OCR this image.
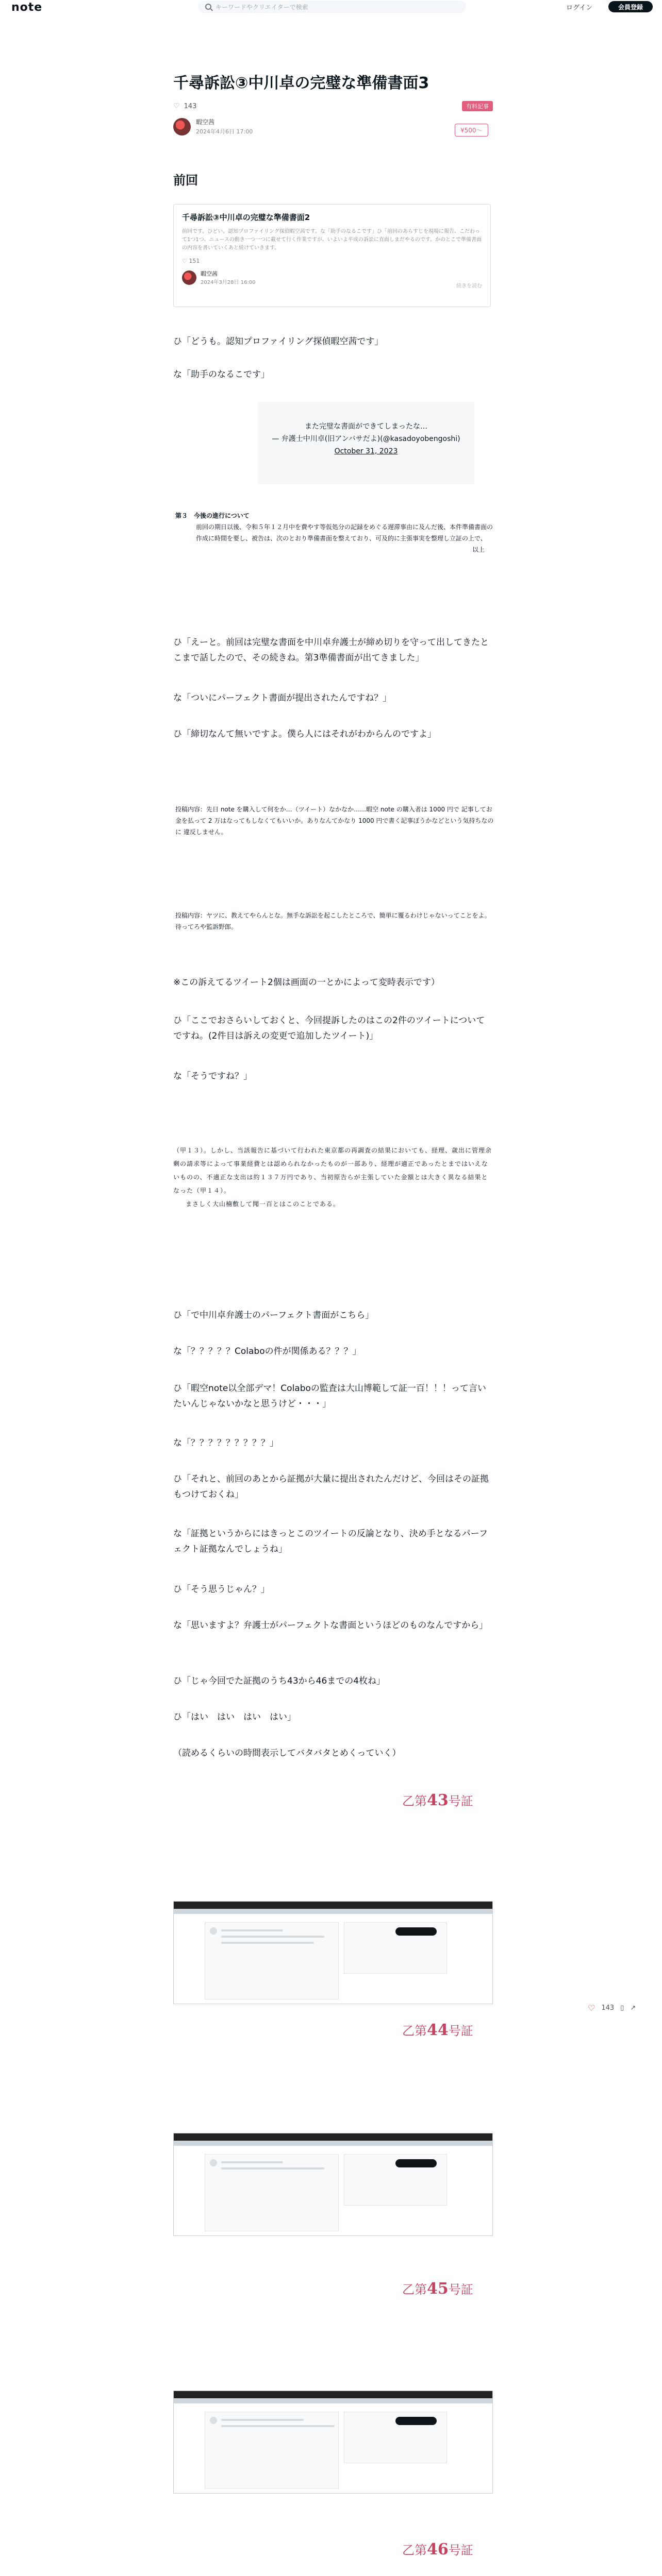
note	キーワードやクリエイターで検索	ログイン	会員登録
千尋訴訟③中川卓の完璧な準備書面3
♡ 143
暇空茜
2024年4月6日 17:00
有料記事
¥500～
前回
千尋訴訟③中川卓の完璧な準備書面2
前回です。ひどい。認知プロファイリング探偵暇空茜です。な「助手のなるこです」ひ「前回のあらすじを現場に報告、こだわって1つ1つ、ニュースの動き一つ一つに載せて行く作業ですが、いよいよ平成の訴訟に直面しまだやるのです。かのとこで準備書面の内容を書いていくあと続けていきます。
♡ 151
暇空茜
2024年3月28日 16:00
続きを読む
ひ「どうも。認知プロファイリング探偵暇空茜です」
な「助手のなるこです」
また完璧な書面ができてしまったな…
— 弁護士中川卓(旧アンバサだよ)(@kasadoyobengoshi)
October 31, 2023
第３　今後の進行について
前回の期日以後、令和５年１２月中を費やす等仮処分の記録をめぐる遅滞事由に及んだ後、本件準備書面の作成に時間を要し、被告は、次のとおり準備書面を整えており、可及的に主張事実を整理し立証の上で、
以上
ひ「えーと。前回は完璧な書面を中川卓弁護士が締め切りを守って出してきたとこまで話したので、その続きね。第3準備書面が出てきました」
な「ついにパーフェクト書面が提出されたんですね？」
ひ「締切なんて無いですよ。僕ら人にはそれがわからんのですよ」
投稿内容：先日 note を購入して何をか…（ツイート）なかなか……暇空 note の購入者は 1000 円で 記事してお金を払って 2 万はなってもしなくてもいいか。ありなんてかなり 1000 円で書く記事ぽうかなどという気持ちなのに 違反しません。
投稿内容：ヤツに、教えてやらんとな。無手な訴訟を起こしたところで、簡単に覆るわけじゃないってことをよ。待ってろや監訴野郎。
※この訴えてるツイート2個は画面の一とかによって変時表示です）
ひ「ここでおさらいしておくと、今回提訴したのはこの2件のツイートについてですね。(2件目は訴えの変更で追加したツイート)」
な「そうですね？」
（甲１３）。しかし、当該報告に基づいて行われた東京都の再調査の結果においても、経理、歳出に管理余剰の請求等によって事業経費とは認められなかったものが一部あり、経理が適正であったとまではいえないものの、不適正な支出は約１３７万円であり、当初原告らが主張していた金額とは大きく異なる結果となった（甲１４）。
まさしく大山楠敷して聞一百とはこのことである。
ひ「で中川卓弁護士のパーフェクト書面がこちら」
な「？？？？？Colaboの件が関係ある？？？」
ひ「暇空note以全部デマ！Colaboの監査は大山博範して証一百！！！って言いたいんじゃないかなと思うけど・・・」
な「？？？？？？？？？」
ひ「それと、前回のあとから証拠が大量に提出されたんだけど、今回はその証拠もつけておくね」
な「証拠というからにはきっとこのツイートの反論となり、決め手となるパーフェクト証拠なんでしょうね」
ひ「そう思うじゃん？」
な「思いますよ？弁護士がパーフェクトな書面というほどのものなんですから」
ひ「じゃ今回でた証拠のうち43から46までの4枚ね」
ひ「はい　はい　はい　はい」
（読めるくらいの時間表示してバタバタとめくっていく）
乙第43号証
乙第44号証
乙第45号証
乙第46号証
♡ 143 ▯ ↗
